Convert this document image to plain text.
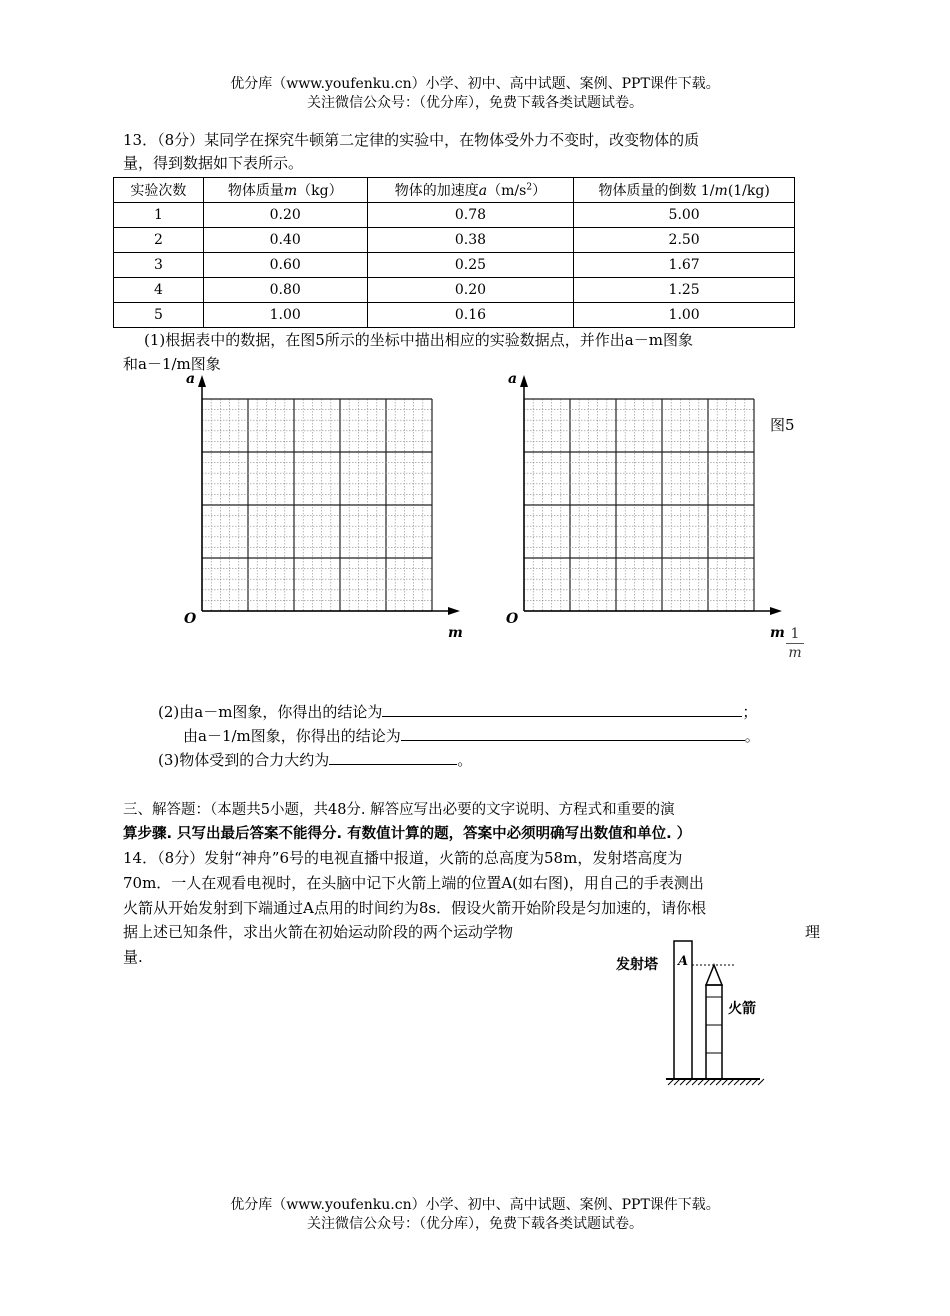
优分库（www.youfenku.cn）小学、初中、高中试题、案例、PPT课件下载。
关注微信公众号：（优分库），免费下载各类试题试卷。
13．（8分）某同学在探究牛顿第二定律的实验中，在物体受外力不变时，改变物体的质
量，得到数据如下表所示。
实验次数	物体质量m（kg）	物体的加速度$a(m/s^2)$	物体质量的倒数 1/m(1/kg)
1	0.20	0.78	5.00
2	0.40	0.38	2.50
3	0.60	0.25	1.67
4	0.80	0.20	1.25
5	1.00	0.16	1.00
(1)根据表中的数据，在图5所示的坐标中描出相应的实验数据点，并作出a－m图象
和a－1/m图象
a
O
m
a
O
m 1
m
图5
(2)由a－m图象，你得出的结论为	；
由a－1/m图象，你得出的结论为	。
(3)物体受到的合力大约为	。
三、解答题：（本题共5小题，共48分. 解答应写出必要的文字说明、方程式和重要的演
算步骤. 只写出最后答案不能得分. 有数值计算的题，答案中必须明确写出数值和单位. ）
14．（8分）发射“神舟”6号的电视直播中报道，火箭的总高度为58m，发射塔高度为
70m．一人在观看电视时，在头脑中记下火箭上端的位置A(如右图)，用自己的手表测出
火箭从开始发射到下端通过A点用的时间约为8s．假设火箭开始阶段是匀加速的，请你根
据上述已知条件，求出火箭在初始运动阶段的两个运动学物	理
量.	发射塔 A
火箭
优分库（www.youfenku.cn）小学、初中、高中试题、案例、PPT课件下载。
关注微信公众号：（优分库），免费下载各类试题试卷。
